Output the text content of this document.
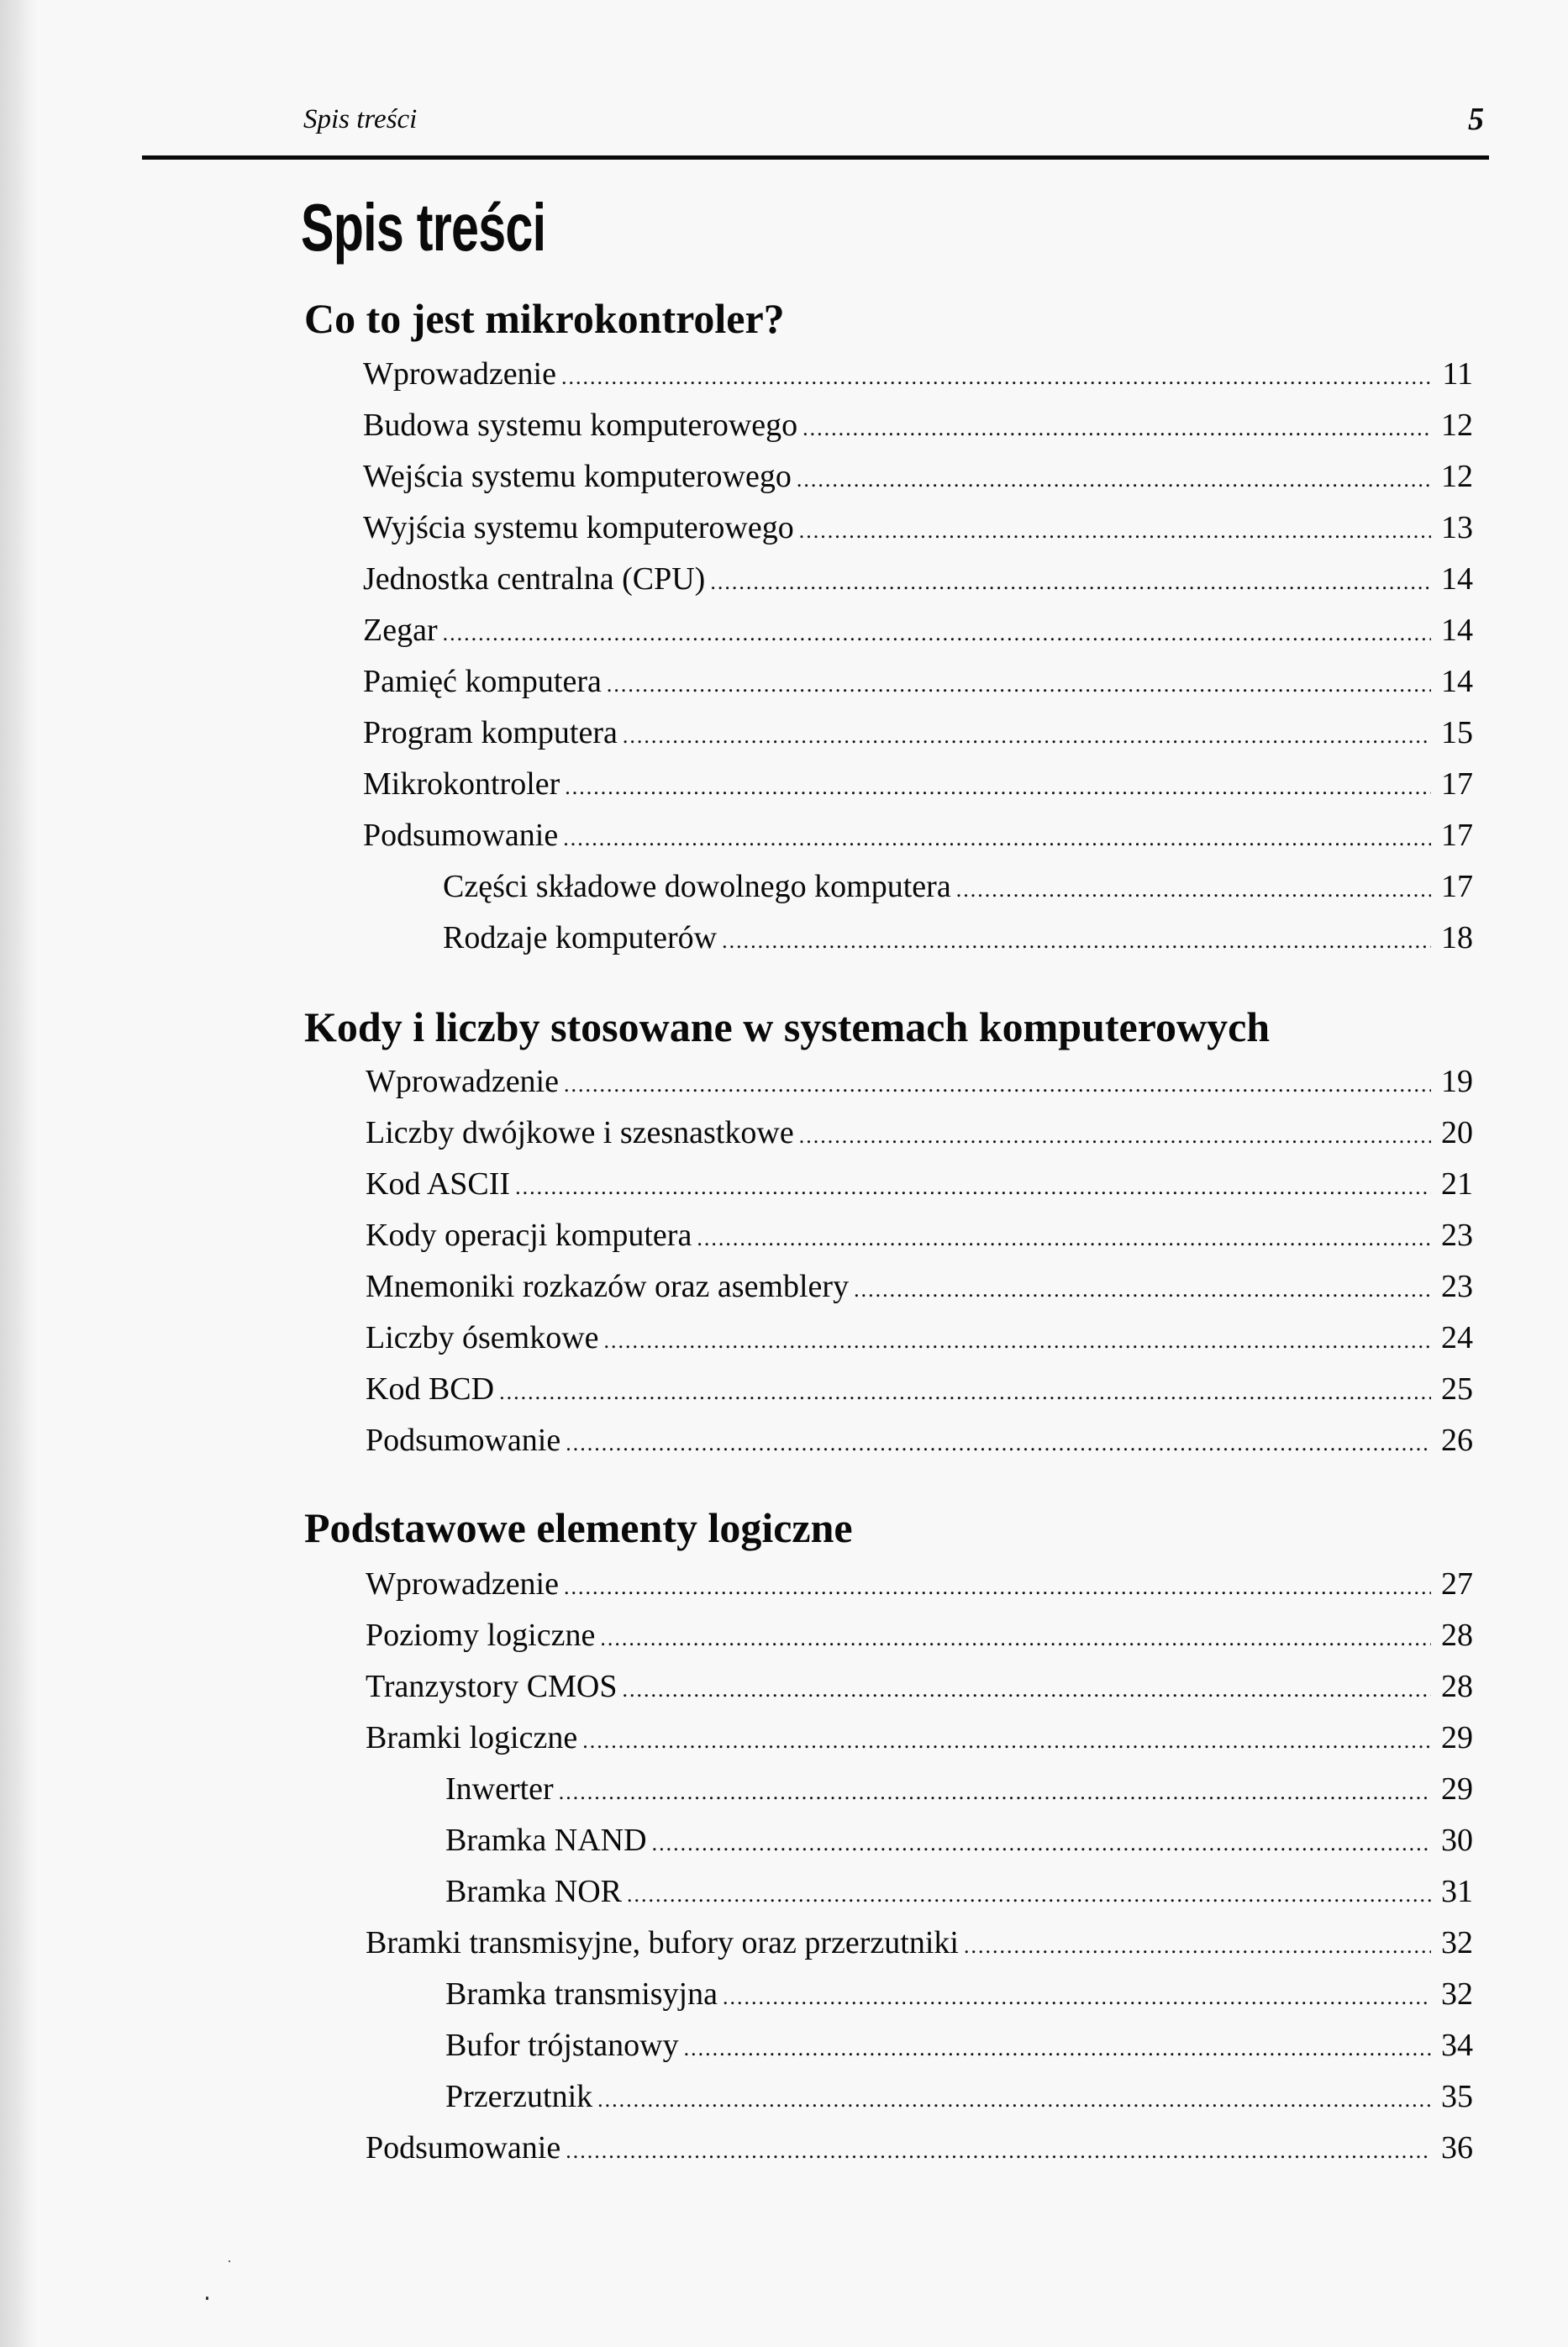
Spis treści	5
Spis treści
Co to jest mikrokontroler?
Wprowadzenie .....	11
Budowa systemu komputerowego .....	12
Wejścia systemu komputerowego .....	12
Wyjścia systemu komputerowego .....	13
Jednostka centralna (CPU) .....	14
Zegar .....	14
Pamięć komputera .....	14
Program komputera .....	15
Mikrokontroler .....	17
Podsumowanie .....	17
Części składowe dowolnego komputera .....	17
Rodzaje komputerów .....	18
Kody i liczby stosowane w systemach komputerowych
Wprowadzenie .....	19
Liczby dwójkowe i szesnastkowe .....	20
Kod ASCII .....	21
Kody operacji komputera .....	23
Mnemoniki rozkazów oraz asemblery .....	23
Liczby ósemkowe .....	24
Kod BCD .....	25
Podsumowanie .....	26
Podstawowe elementy logiczne
Wprowadzenie .....	27
Poziomy logiczne .....	28
Tranzystory CMOS .....	28
Bramki logiczne .....	29
Inwerter .....	29
Bramka NAND .....	30
Bramka NOR .....	31
Bramki transmisyjne, bufory oraz przerzutniki .....	32
Bramka transmisyjna .....	32
Bufor trójstanowy .....	34
Przerzutnik .....	35
Podsumowanie .....	36
